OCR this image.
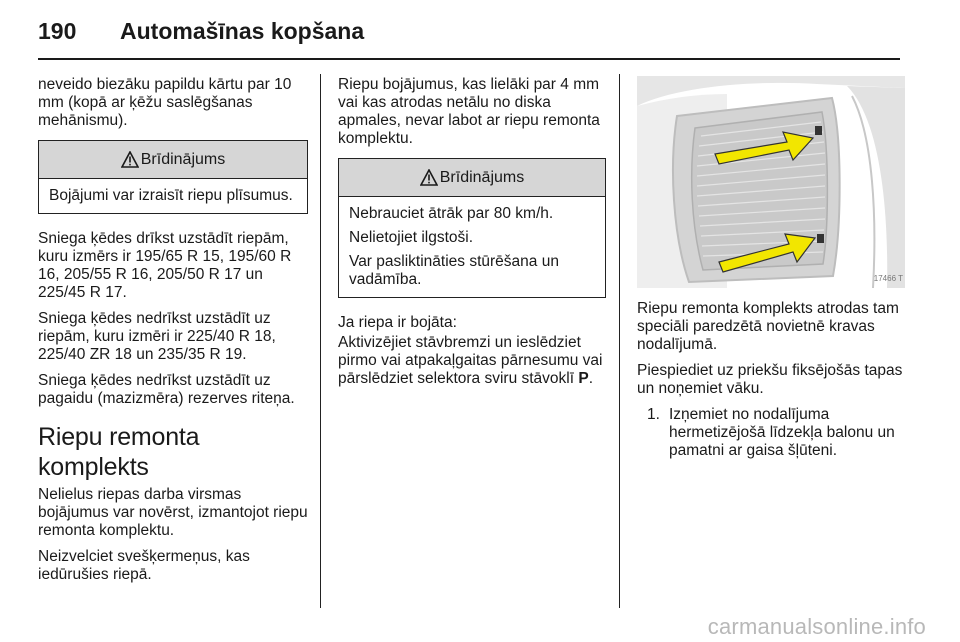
190 Automašīnas kopšana
neveido biezāku papildu kārtu par 10 mm (kopā ar ķēžu saslēgšanas mehānismu).
Brīdinājums
Bojājumi var izraisīt riepu plīsumus.
Sniega ķēdes drīkst uzstādīt riepām, kuru izmērs ir 195/65 R 15, 195/60 R 16, 205/55 R 16, 205/50 R 17 un 225/45 R 17.
Sniega ķēdes nedrīkst uzstādīt uz riepām, kuru izmēri ir 225/40 R 18, 225/40 ZR 18 un 235/35 R 19.
Sniega ķēdes nedrīkst uzstādīt uz pagaidu (mazizmēra) rezerves riteņa.
Riepu remonta komplekts
Nelielus riepas darba virsmas bojājumus var novērst, izmantojot riepu remonta komplektu.
Neizvelciet svešķermeņus, kas iedūrušies riepā.
Riepu bojājumus, kas lielāki par 4 mm vai kas atrodas netālu no diska apmales, nevar labot ar riepu remonta komplektu.
Brīdinājums
Nebrauciet ātrāk par 80 km/h.
Nelietojiet ilgstoši.
Var pasliktināties stūrēšana un vadāmība.
Ja riepa ir bojāta:
Aktivizējiet stāvbremzi un ieslēdziet pirmo vai atpakaļgaitas pārnesumu vai pārslēdziet selektora sviru stāvoklī P.
17466 T
Riepu remonta komplekts atrodas tam speciāli paredzētā novietnē kravas nodalījumā.
Piespiediet uz priekšu fiksējošās tapas un noņemiet vāku.
1. Izņemiet no nodalījuma hermetizējošā līdzekļa balonu un pamatni ar gaisa šļūteni.
carmanualsonline.info
